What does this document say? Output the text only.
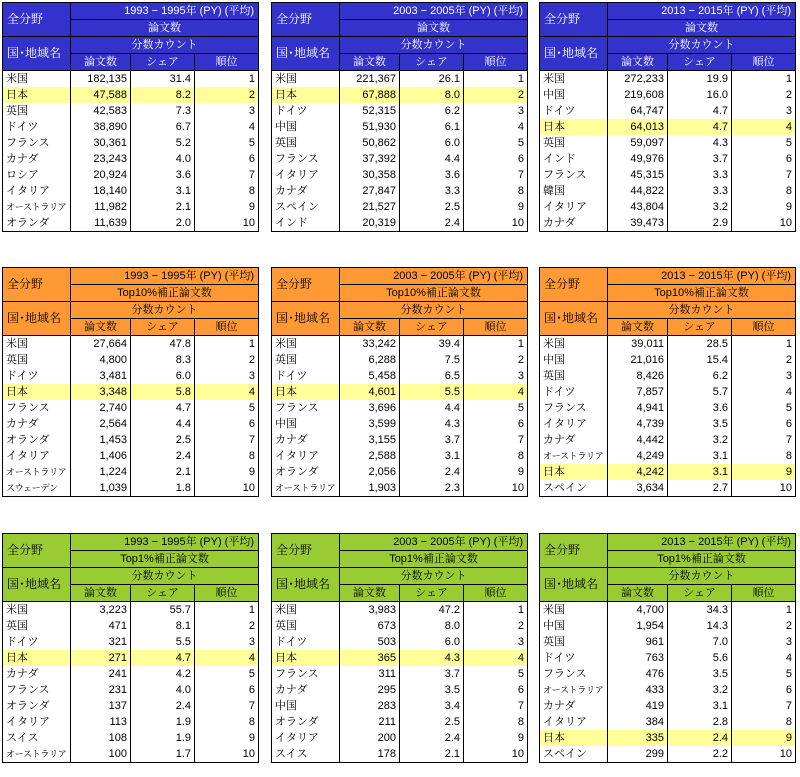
全分野	1993 − 1995年 (PY) (平均)		
	論文数		
国･地域名	分数カウント		
	論文数	シェア	順位
米国	182,135	31.4	1
日本	47,588	8.2	2
英国	42,583	7.3	3
ドイツ	38,890	6.7	4
フランス	30,361	5.2	5
カナダ	23,243	4.0	6
ロシア	20,924	3.6	7
イタリア	18,140	3.1	8
オーストラリア	11,982	2.1	9
オランダ	11,639	2.0	10
全分野	2003 − 2005年 (PY) (平均)		
	論文数		
国･地域名	分数カウント		
	論文数	シェア	順位
米国	221,367	26.1	1
日本	67,888	8.0	2
ドイツ	52,315	6.2	3
中国	51,930	6.1	4
英国	50,862	6.0	5
フランス	37,392	4.4	6
イタリア	30,358	3.6	7
カナダ	27,847	3.3	8
スペイン	21,527	2.5	9
インド	20,319	2.4	10
全分野	2013 − 2015年 (PY) (平均)		
	論文数		
国･地域名	分数カウント		
	論文数	シェア	順位
米国	272,233	19.9	1
中国	219,608	16.0	2
ドイツ	64,747	4.7	3
日本	64,013	4.7	4
英国	59,097	4.3	5
インド	49,976	3.7	6
フランス	45,315	3.3	7
韓国	44,822	3.3	8
イタリア	43,804	3.2	9
カナダ	39,473	2.9	10
全分野	1993 − 1995年 (PY) (平均)		
	Top10%補正論文数		
国･地域名	分数カウント		
	論文数	シェア	順位
米国	27,664	47.8	1
英国	4,800	8.3	2
ドイツ	3,481	6.0	3
日本	3,348	5.8	4
フランス	2,740	4.7	5
カナダ	2,564	4.4	6
オランダ	1,453	2.5	7
イタリア	1,406	2.4	8
オーストラリア	1,224	2.1	9
スウェーデン	1,039	1.8	10
全分野	2003 − 2005年 (PY) (平均)		
	Top10%補正論文数		
国･地域名	分数カウント		
	論文数	シェア	順位
米国	33,242	39.4	1
英国	6,288	7.5	2
ドイツ	5,458	6.5	3
日本	4,601	5.5	4
フランス	3,696	4.4	5
中国	3,599	4.3	6
カナダ	3,155	3.7	7
イタリア	2,588	3.1	8
オランダ	2,056	2.4	9
オーストラリア	1,903	2.3	10
全分野	2013 − 2015年 (PY) (平均)		
	Top10%補正論文数		
国･地域名	分数カウント		
	論文数	シェア	順位
米国	39,011	28.5	1
中国	21,016	15.4	2
英国	8,426	6.2	3
ドイツ	7,857	5.7	4
フランス	4,941	3.6	5
イタリア	4,739	3.5	6
カナダ	4,442	3.2	7
オーストラリア	4,249	3.1	8
日本	4,242	3.1	9
スペイン	3,634	2.7	10
全分野	1993 − 1995年 (PY) (平均)		
	Top1%補正論文数		
国･地域名	分数カウント		
	論文数	シェア	順位
米国	3,223	55.7	1
英国	471	8.1	2
ドイツ	321	5.5	3
日本	271	4.7	4
カナダ	241	4.2	5
フランス	231	4.0	6
オランダ	137	2.4	7
イタリア	113	1.9	8
スイス	108	1.9	9
オーストラリア	100	1.7	10
全分野	2003 − 2005年 (PY) (平均)		
	Top1%補正論文数		
国･地域名	分数カウント		
	論文数	シェア	順位
米国	3,983	47.2	1
英国	673	8.0	2
ドイツ	503	6.0	3
日本	365	4.3	4
フランス	311	3.7	5
カナダ	295	3.5	6
中国	283	3.4	7
オランダ	211	2.5	8
イタリア	200	2.4	9
スイス	178	2.1	10
全分野	2013 − 2015年 (PY) (平均)		
	Top1%補正論文数		
国･地域名	分数カウント		
	論文数	シェア	順位
米国	4,700	34.3	1
中国	1,954	14.3	2
英国	961	7.0	3
ドイツ	763	5.6	4
フランス	476	3.5	5
オーストラリア	433	3.2	6
カナダ	419	3.1	7
イタリア	384	2.8	8
日本	335	2.4	9
スペイン	299	2.2	10
